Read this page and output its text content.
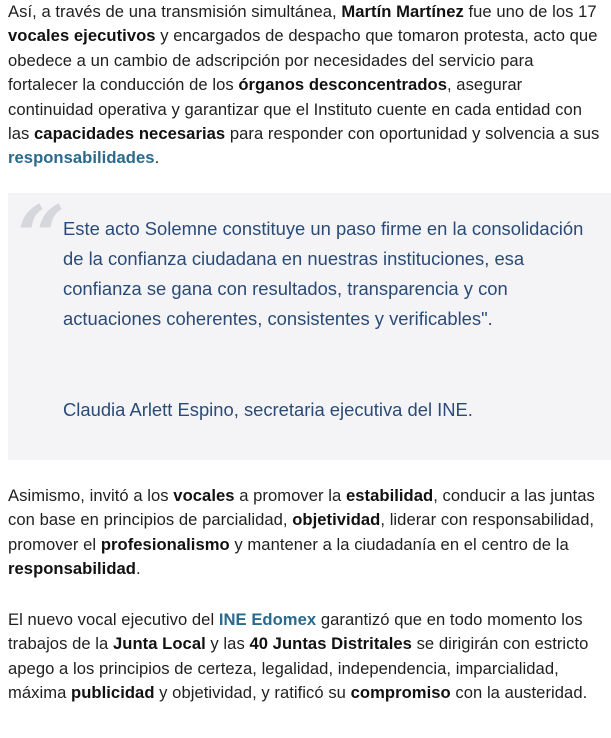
Así, a través de una transmisión simultánea, Martín Martínez fue uno de los 17 vocales ejecutivos y encargados de despacho que tomaron protesta, acto que obedece a un cambio de adscripción por necesidades del servicio para fortalecer la conducción de los órganos desconcentrados, asegurar continuidad operativa y garantizar que el Instituto cuente en cada entidad con las capacidades necesarias para responder con oportunidad y solvencia a sus responsabilidades.

“

Este acto Solemne constituye un paso firme en la consolidación de la confianza ciudadana en nuestras instituciones, esa confianza se gana con resultados, transparencia y con actuaciones coherentes, consistentes y verificables".

Claudia Arlett Espino, secretaria ejecutiva del INE.

Asimismo, invitó a los vocales a promover la estabilidad, conducir a las juntas con base en principios de parcialidad, objetividad, liderar con responsabilidad, promover el profesionalismo y mantener a la ciudadanía en el centro de la responsabilidad.

El nuevo vocal ejecutivo del INE Edomex garantizó que en todo momento los trabajos de la Junta Local y las 40 Juntas Distritales se dirigirán con estricto apego a los principios de certeza, legalidad, independencia, imparcialidad, máxima publicidad y objetividad, y ratificó su compromiso con la austeridad.
